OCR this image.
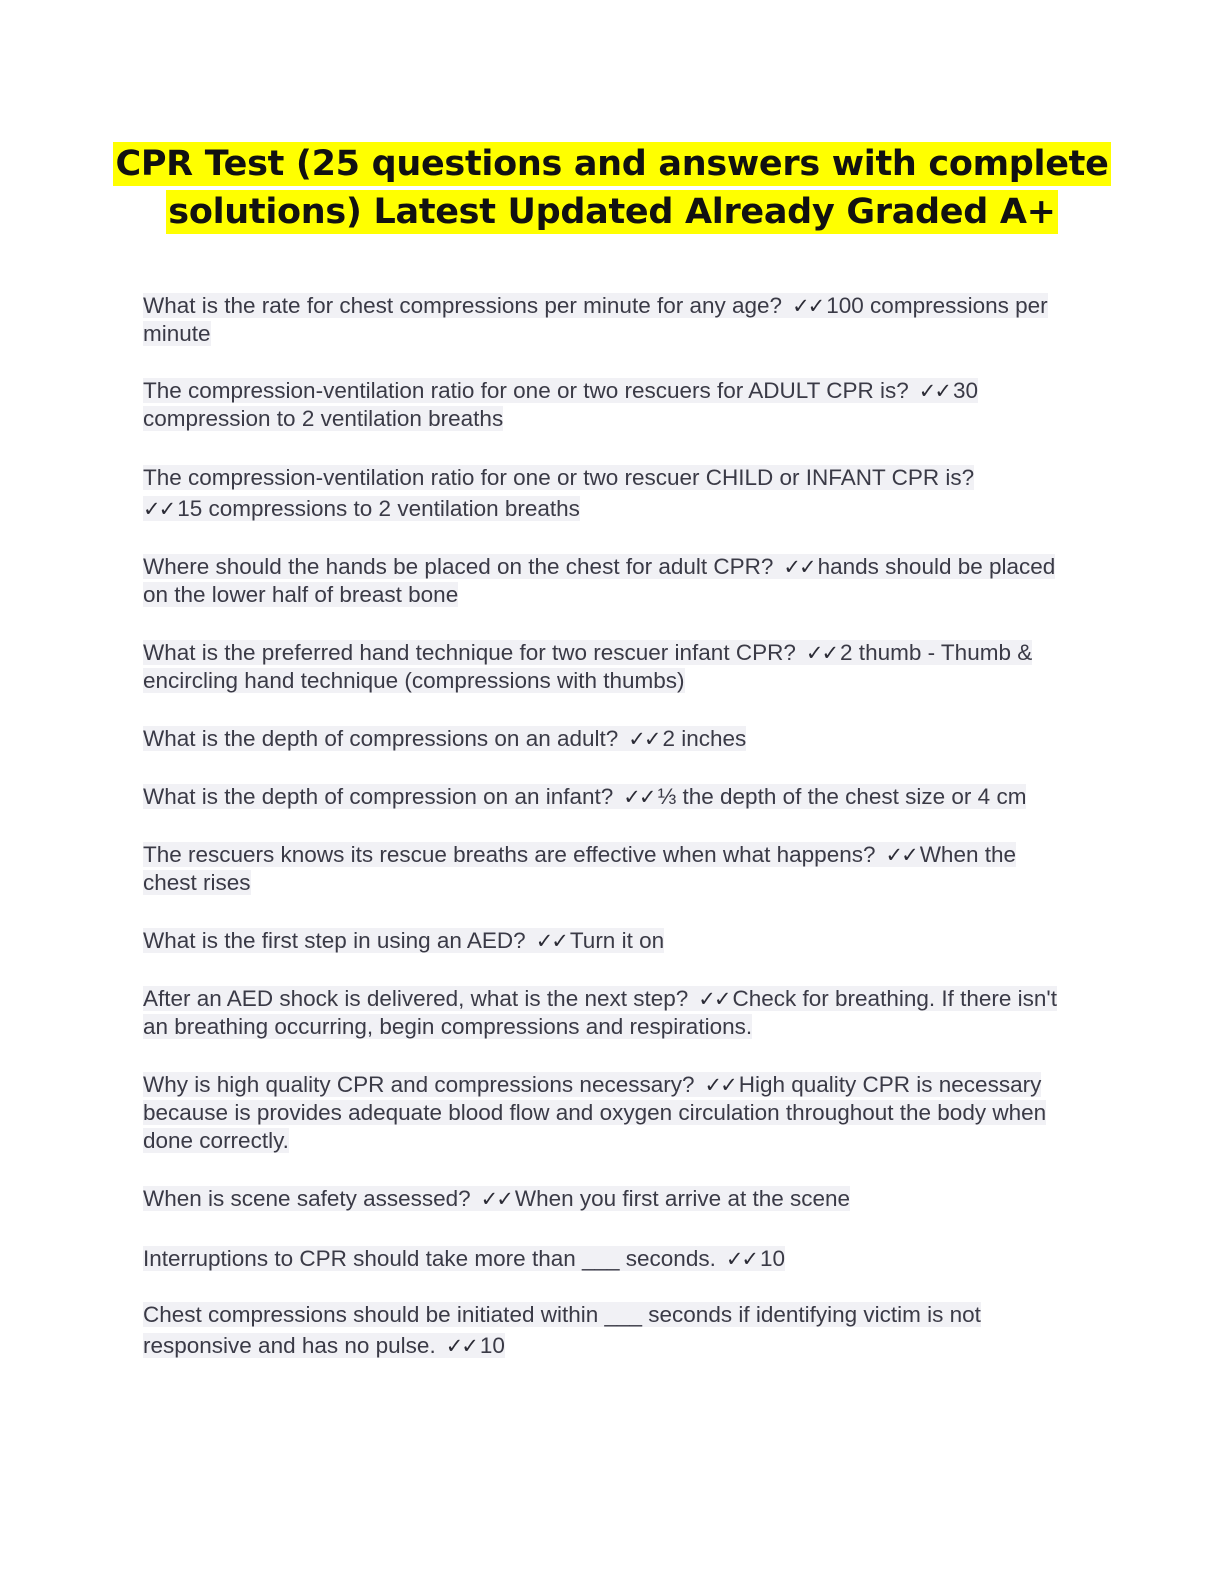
CPR Test (25 questions and answers with complete
solutions) Latest Updated Already Graded A+
What is the rate for chest compressions per minute for any age? ✓✓ 100 compressions per minute
The compression-ventilation ratio for one or two rescuers for ADULT CPR is? ✓✓ 30 compression to 2 ventilation breaths
The compression-ventilation ratio for one or two rescuer CHILD or INFANT CPR is?
✓✓ 15 compressions to 2 ventilation breaths
Where should the hands be placed on the chest for adult CPR? ✓✓ hands should be placed on the lower half of breast bone
What is the preferred hand technique for two rescuer infant CPR? ✓✓ 2 thumb - Thumb & encircling hand technique (compressions with thumbs)
What is the depth of compressions on an adult? ✓✓ 2 inches
What is the depth of compression on an infant? ✓✓ ⅓ the depth of the chest size or 4 cm
The rescuers knows its rescue breaths are effective when what happens? ✓✓ When the chest rises
What is the first step in using an AED? ✓✓ Turn it on
After an AED shock is delivered, what is the next step? ✓✓ Check for breathing. If there isn't an breathing occurring, begin compressions and respirations.
Why is high quality CPR and compressions necessary? ✓✓ High quality CPR is necessary because is provides adequate blood flow and oxygen circulation throughout the body when done correctly.
When is scene safety assessed? ✓✓ When you first arrive at the scene
Interruptions to CPR should take more than ___ seconds. ✓✓ 10
Chest compressions should be initiated within ___ seconds if identifying victim is not responsive and has no pulse. ✓✓ 10
